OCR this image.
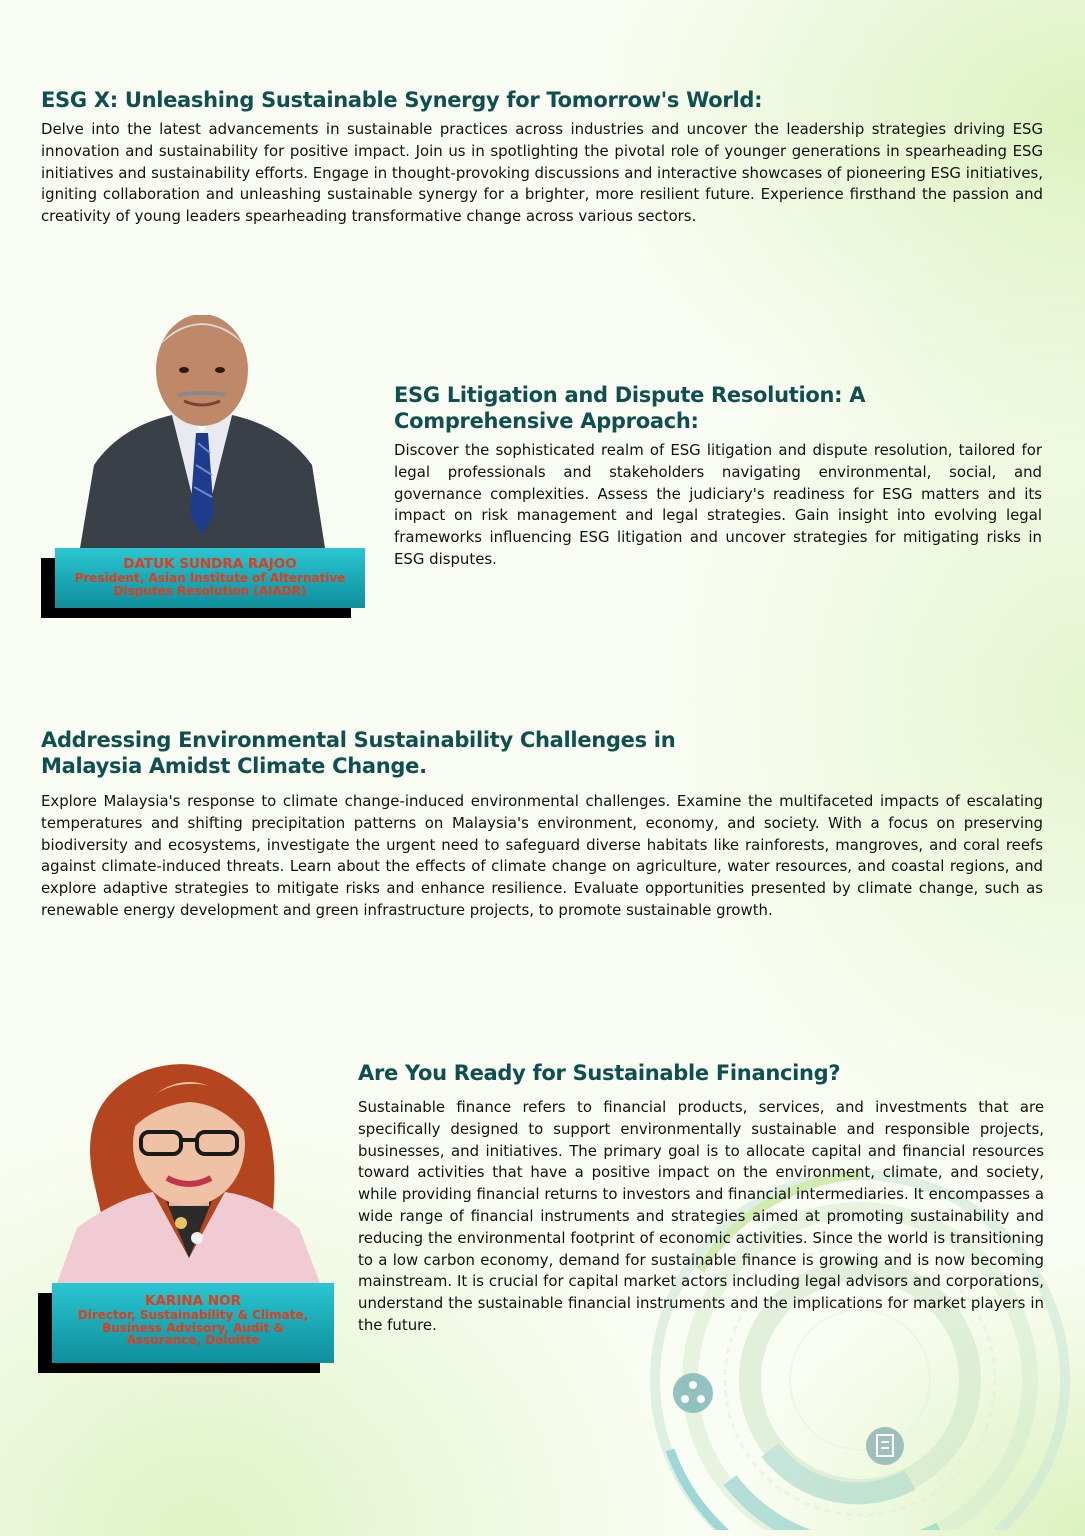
ESG X: Unleashing Sustainable Synergy for Tomorrow's World:

Delve into the latest advancements in sustainable practices across industries and uncover the leadership strategies driving ESG innovation and sustainability for positive impact. Join us in spotlighting the pivotal role of younger generations in spearheading ESG initiatives and sustainability efforts. Engage in thought-provoking discussions and interactive showcases of pioneering ESG initiatives, igniting collaboration and unleashing sustainable synergy for a brighter, more resilient future. Experience firsthand the passion and creativity of young leaders spearheading transformative change across various sectors.

DATUK SUNDRA RAJOO
President, Asian Institute of Alternative Disputes Resolution (AIADR)
ESG Litigation and Dispute Resolution: A Comprehensive Approach:

Discover the sophisticated realm of ESG litigation and dispute resolution, tailored for legal professionals and stakeholders navigating environmental, social, and governance complexities. Assess the judiciary's readiness for ESG matters and its impact on risk management and legal strategies. Gain insight into evolving legal frameworks influencing ESG litigation and uncover strategies for mitigating risks in ESG disputes.

Addressing Environmental Sustainability Challenges in Malaysia Amidst Climate Change.

Explore Malaysia's response to climate change-induced environmental challenges. Examine the multifaceted impacts of escalating temperatures and shifting precipitation patterns on Malaysia's environment, economy, and society. With a focus on preserving biodiversity and ecosystems, investigate the urgent need to safeguard diverse habitats like rainforests, mangroves, and coral reefs against climate-induced threats. Learn about the effects of climate change on agriculture, water resources, and coastal regions, and explore adaptive strategies to mitigate risks and enhance resilience. Evaluate opportunities presented by climate change, such as renewable energy development and green infrastructure projects, to promote sustainable growth.

KARINA NOR
Director, Sustainability & Climate, Business Advisory, Audit & Assurance, Deloitte
Are You Ready for Sustainable Financing?

Sustainable finance refers to financial products, services, and investments that are specifically designed to support environmentally sustainable and responsible projects, businesses, and initiatives. The primary goal is to allocate capital and financial resources toward activities that have a positive impact on the environment, climate, and society, while providing financial returns to investors and financial intermediaries. It encompasses a wide range of financial instruments and strategies aimed at promoting sustainability and reducing the environmental footprint of economic activities. Since the world is transitioning to a low carbon economy, demand for sustainable finance is growing and is now becoming mainstream. It is crucial for capital market actors including legal advisors and corporations, understand the sustainable financial instruments and the implications for market players in the future.
